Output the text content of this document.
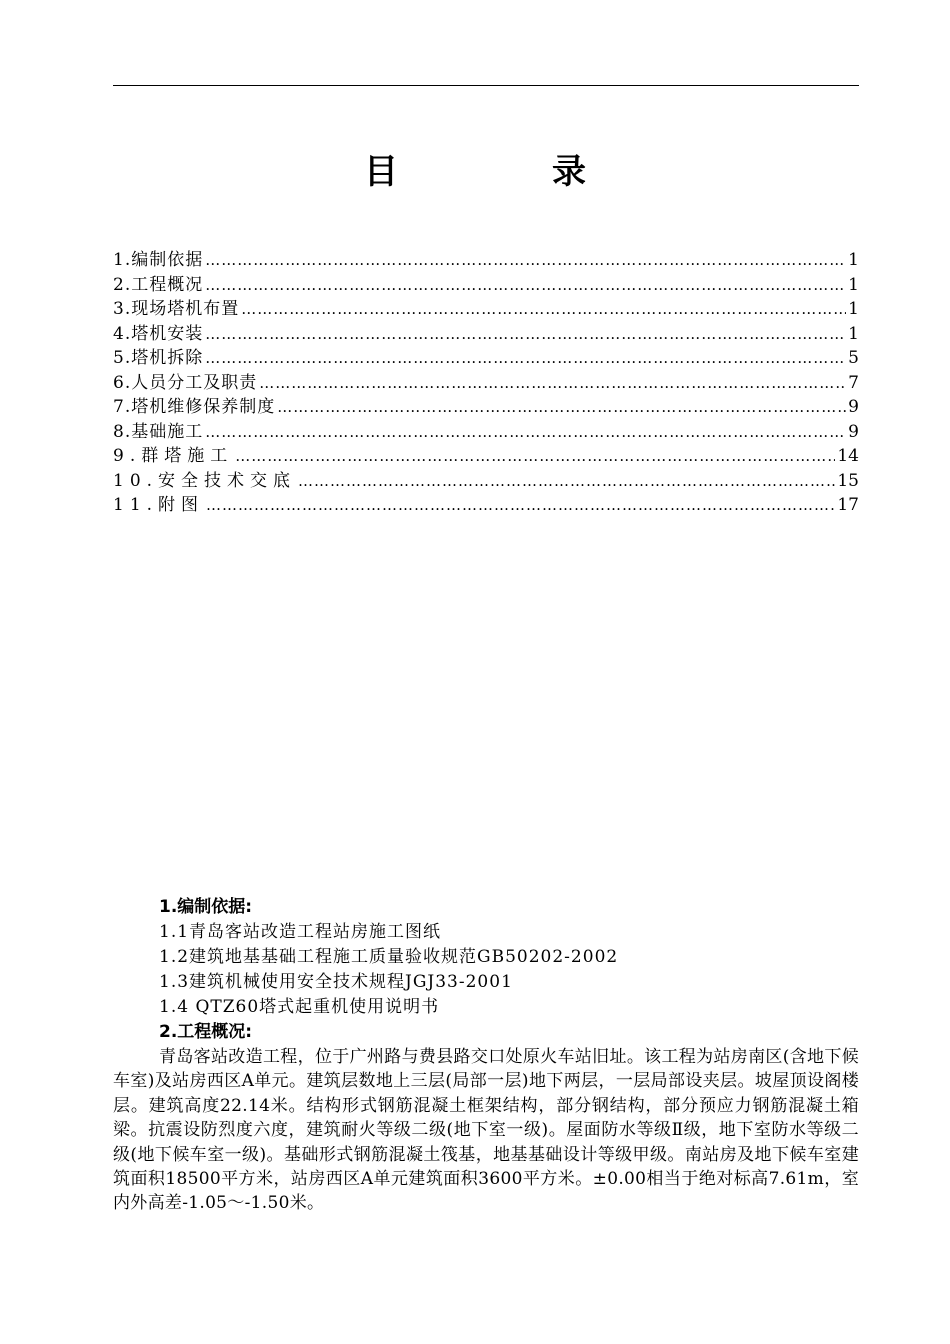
目　录
1.编制依据 …………………………………………………………………………………………………………………………………………………………………………………………………	1
2.工程概况 …………………………………………………………………………………………………………………………………………………………………………………………………	1
3.现场塔机布置 …………………………………………………………………………………………………………………………………………………………………………………………………	1
4.塔机安装 …………………………………………………………………………………………………………………………………………………………………………………………………	1
5.塔机拆除 …………………………………………………………………………………………………………………………………………………………………………………………………	5
6.人员分工及职责 …………………………………………………………………………………………………………………………………………………………………………………………………	7
7.塔机维修保养制度 …………………………………………………………………………………………………………………………………………………………………………………………………	9
8.基础施工 …………………………………………………………………………………………………………………………………………………………………………………………………	9
9.群塔施工 …………………………………………………………………………………………………………………………………………………………………………………………………	14
10.安全技术交底 …………………………………………………………………………………………………………………………………………………………………………………………………	15
11.附图 …………………………………………………………………………………………………………………………………………………………………………………………………	17
1.编制依据:
1.1青岛客站改造工程站房施工图纸
1.2建筑地基基础工程施工质量验收规范GB50202-2002
1.3建筑机械使用安全技术规程JGJ33-2001
1.4 QTZ60塔式起重机使用说明书
2.工程概况:

青岛客站改造工程，位于广州路与费县路交口处原火车站旧址。该工程为站房南区(含地下候车室)及站房西区A单元。建筑层数地上三层(局部一层)地下两层，一层局部设夹层。坡屋顶设阁楼层。建筑高度22.14米。结构形式钢筋混凝土框架结构，部分钢结构，部分预应力钢筋混凝土箱梁。抗震设防烈度六度，建筑耐火等级二级(地下室一级)。屋面防水等级Ⅱ级，地下室防水等级二级(地下候车室一级)。基础形式钢筋混凝土筏基，地基基础设计等级甲级。南站房及地下候车室建筑面积18500平方米，站房西区A单元建筑面积3600平方米。±0.00相当于绝对标高7.61m，室内外高差-1.05～-1.50米。
